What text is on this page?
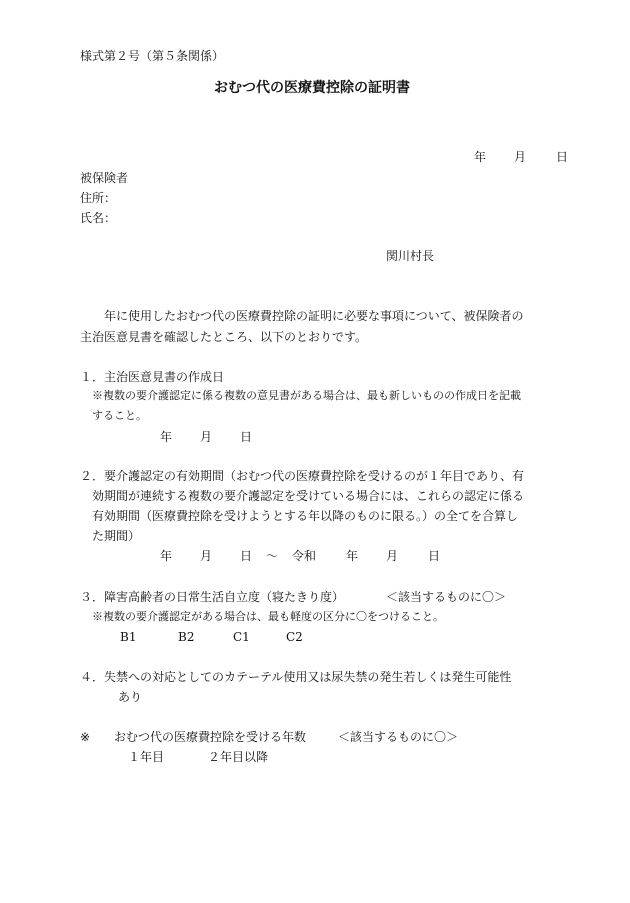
様式第２号（第５条関係）
おむつ代の医療費控除の証明書
年 月 日
被保険者
住所：
氏名：
関川村長
年に使用したおむつ代の医療費控除の証明に必要な事項について、被保険者の
主治医意見書を確認したところ、以下のとおりです。
１．主治医意見書の作成日
※複数の要介護認定に係る複数の意見書がある場合は、最も新しいものの作成日を記載
すること。
年 月 日
２．要介護認定の有効期間（おむつ代の医療費控除を受けるのが１年目であり、有
効期間が連続する複数の要介護認定を受けている場合には、これらの認定に係る
有効期間（医療費控除を受けようとする年以降のものに限る。）の全てを合算し
た期間）
年 月 日 ～ 令和 年 月 日
３．障害高齢者の日常生活自立度（寝たきり度）	＜該当するものに〇＞
※複数の要介護認定がある場合は、最も軽度の区分に〇をつけること。
B1	B2	C1	C2
４．失禁への対応としてのカテーテル使用又は尿失禁の発生若しくは発生可能性
あり
※ おむつ代の医療費控除を受ける年数	＜該当するものに〇＞
１年目	２年目以降
